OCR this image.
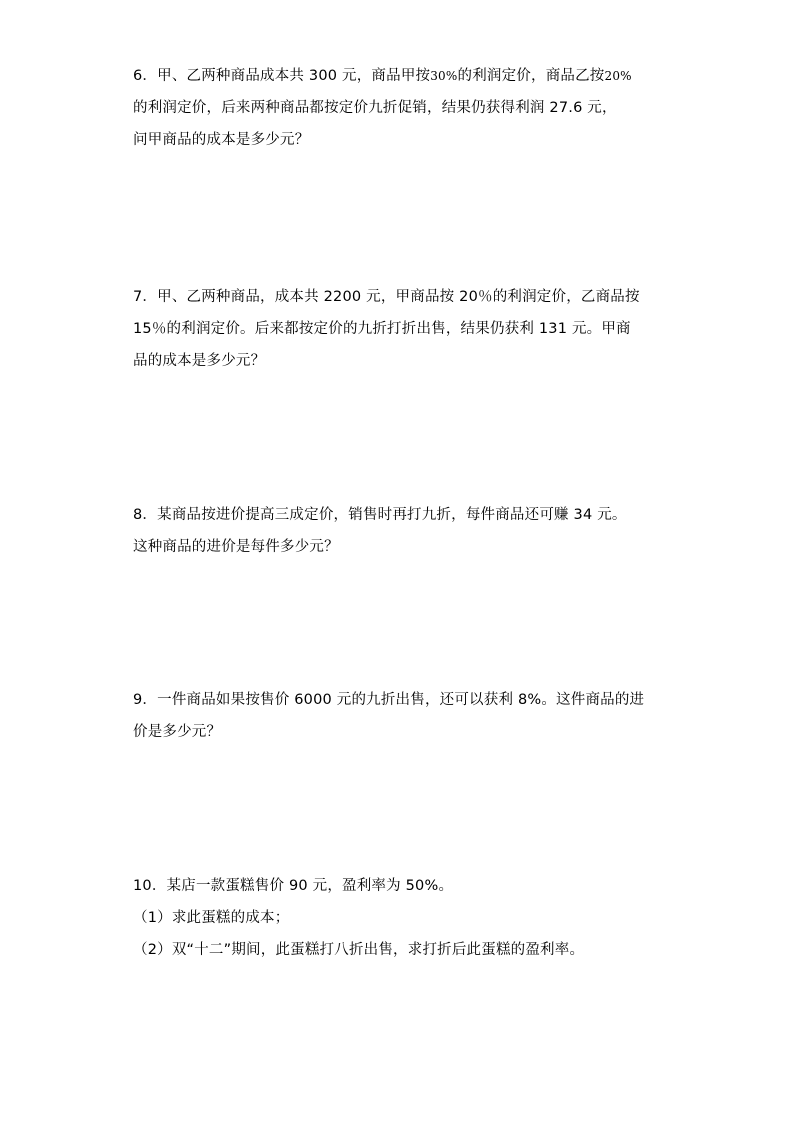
6．甲、乙两种商品成本共 300 元，商品甲按30%的利润定价，商品乙按20%
的利润定价，后来两种商品都按定价九折促销，结果仍获得利润 27.6 元，
问甲商品的成本是多少元？
7．甲、乙两种商品，成本共 2200 元，甲商品按 20％的利润定价，乙商品按
15％的利润定价。后来都按定价的九折打折出售，结果仍获利 131 元。甲商
品的成本是多少元？
8．某商品按进价提高三成定价，销售时再打九折，每件商品还可赚 34 元。
这种商品的进价是每件多少元？
9．一件商品如果按售价 6000 元的九折出售，还可以获利 8%。这件商品的进
价是多少元？
10．某店一款蛋糕售价 90 元，盈利率为 50%。
（1）求此蛋糕的成本；
（2）双“十二”期间，此蛋糕打八折出售，求打折后此蛋糕的盈利率。
